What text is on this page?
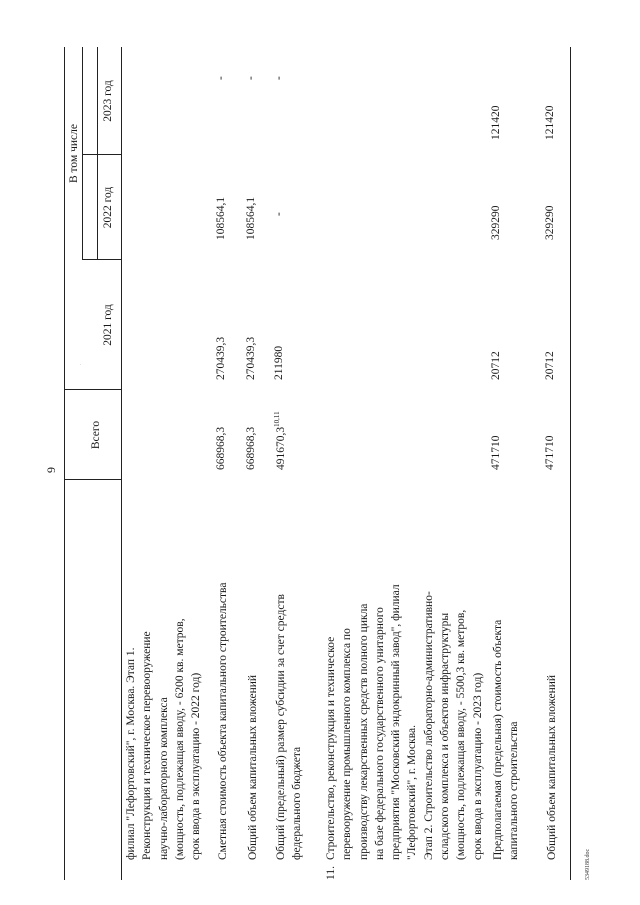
9
.
Всего
В том числе
2021 год
2022 год
2023 год
филиал "Лефортовский", г. Москва. Этап 1. Реконструкция и техническое перевооружение научно-лабораторного комплекса (мощность, подлежащая вводу, - 6200 кв. метров, срок ввода в эксплуатацию - 2022 год) Сметная стоимость объекта капитального строительства
668968,3
270439,3
108564,1
-
Общий объем капитальных вложений
668968,3
270439,3
108564,1
-
Общий (предельный) размер субсидии за счет средств федерального бюджета
491670,3$^{10,11}$
211980
-
-
11.
Строительство, реконструкция и техническое перевооружение промышленного комплекса по производству лекарственных средств полного цикла на базе федерального государственного унитарного предприятия "Московский эндокринный завод", филиал "Лефортовский", г. Москва. Этап 2. Строительство лабораторно-административно- складского комплекса и объектов инфраструктуры (мощность, подлежащая вводу, - 5500,3 кв. метров, срок ввода в эксплуатацию - 2023 год) Предполагаемая (предельная) стоимость объекта капитального строительства
471710
20712
329290
121420
Общий объем капитальных вложений
471710
20712
329290
121420
5349188.doc
